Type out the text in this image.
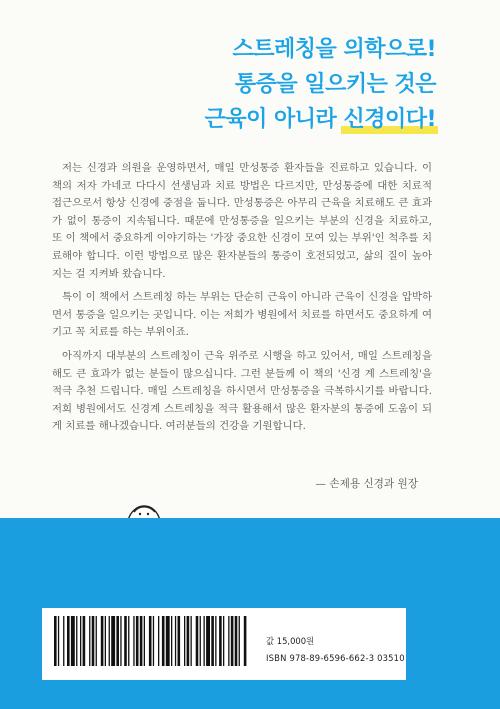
스트레칭을 의학으로!
통증을 일으키는 것은
근육이 아니라 신경이다!

저는 신경과 의원을 운영하면서, 매일 만성통증 환자들을 진료하고 있습니다. 이 책의 저자 가네코 다다시 선생님과 치료 방법은 다르지만, 만성통증에 대한 치료적 접근으로서 항상 신경에 중점을 둡니다. 만성통증은 아무리 근육을 치료해도 큰 효과가 없이 통증이 지속됩니다. 때문에 만성통증을 일으키는 부분의 신경을 치료하고, 또 이 책에서 중요하게 이야기하는 '가장 중요한 신경이 모여 있는 부위'인 척추를 치료해야 합니다. 이런 방법으로 많은 환자분들의 통증이 호전되었고, 삶의 질이 높아지는 걸 지켜봐 왔습니다.

특이 이 책에서 스트레칭 하는 부위는 단순히 근육이 아니라 근육이 신경을 압박하면서 통증을 일으키는 곳입니다. 이는 저희가 병원에서 치료를 하면서도 중요하게 여기고 꼭 치료를 하는 부위이죠.

아직까지 대부분의 스트레칭이 근육 위주로 시행을 하고 있어서, 매일 스트레칭을 해도 큰 효과가 없는 분들이 많으십니다. 그런 분들께 이 책의 '신경 계 스트레칭'을 적극 추천 드립니다. 매일 스트레칭을 하시면서 만성통증을 극복하시기를 바랍니다. 저희 병원에서도 신경계 스트레칭을 적극 활용해서 많은 환자분의 통증에 도움이 되게 치료를 해나겠습니다. 여러분들의 건강을 기원합니다.

— 손제용 신경과 원장
값 15,000원
ISBN 978-89-6596-662-3 03510
